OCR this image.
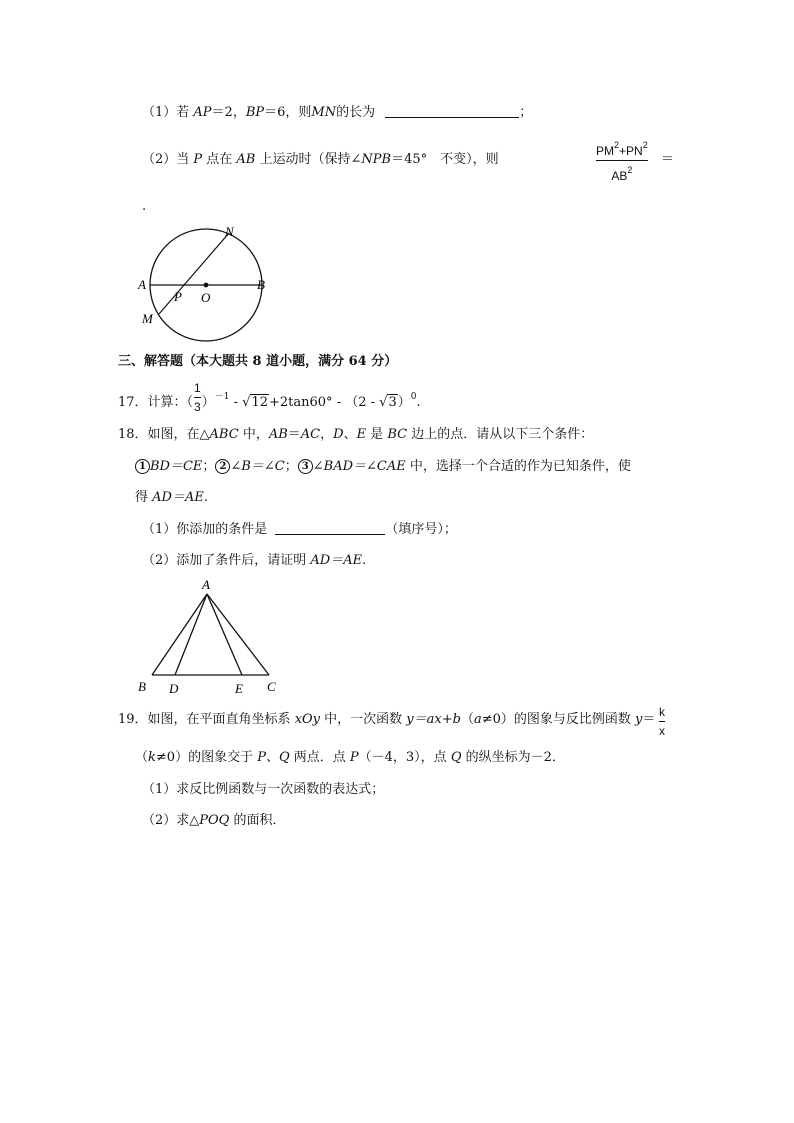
（1）若 AP＝2，BP＝6，则MN的长为	；
（2）当 P 点在 AB 上运动时（保持∠NPB＝45°　不变），则
$PM^2+PN^2$
$AB^2$
＝
.
A	B
N
M
P O
三、解答题（本大题共 8 道小题，满分 64 分）
17．计算：（ $\frac{1}{3} )^{-1} - √12+2\tan 60^\circ - (2 - √3)^0$.
18．如图，在△ABC 中，AB＝AC，D、E 是 BC 边上的点．请从以下三个条件：
1 BD＝CE； 2 ∠B＝∠C； 3 ∠BAD＝∠CAE 中，选择一个合适的作为已知条件，使
得 AD＝AE.
（1）你添加的条件是	（填序号）；
（2）添加了条件后，请证明 AD＝AE.
A
B D	E C
19．如图，在平面直角坐标系 xOy 中，一次函数 y＝ax+b（a≠0）的图象与反比例函数 y＝ k
x
（k≠0）的图象交于 P、Q 两点．点 P（－4，3），点 Q 的纵坐标为－2．
（1）求反比例函数与一次函数的表达式；
（2）求△POQ 的面积．
